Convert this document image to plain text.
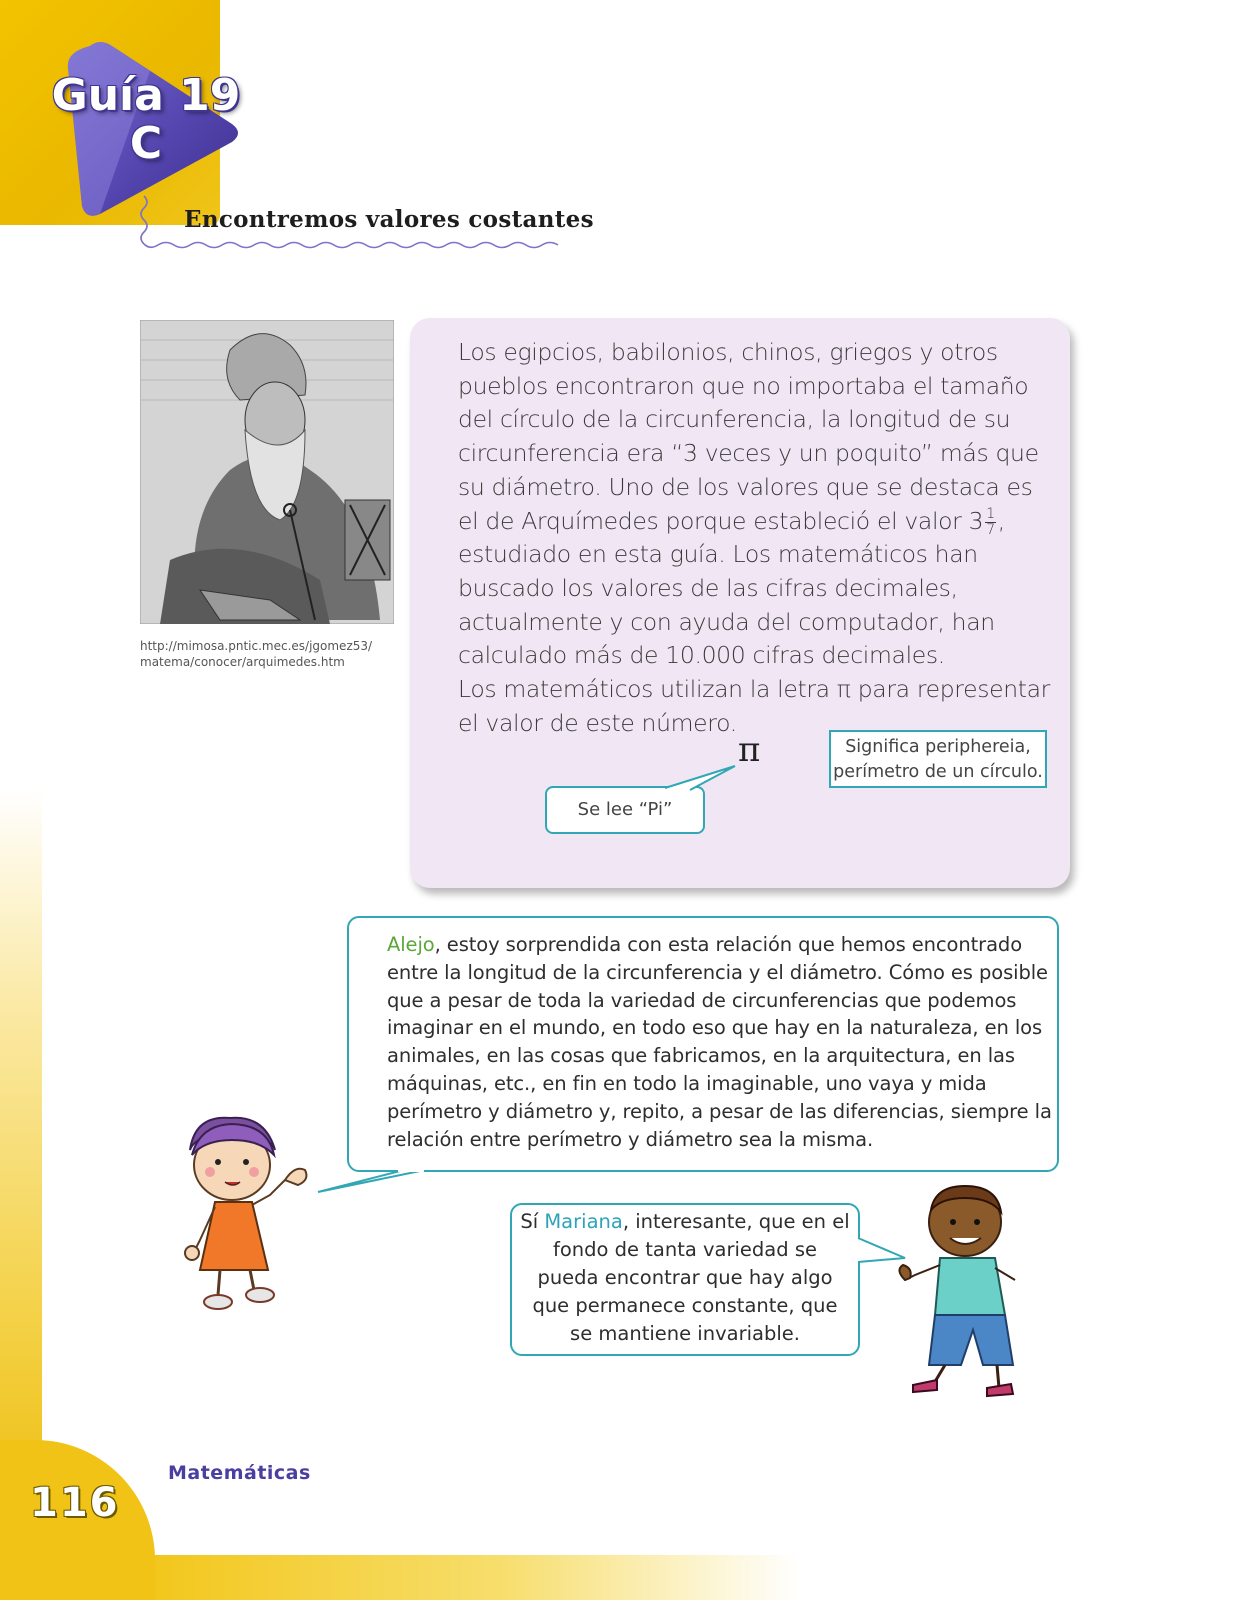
Guía 19
C
Encontremos valores costantes
http://mimosa.pntic.mec.es/jgomez53/
matema/conocer/arquimedes.htm
Los egipcios, babilonios, chinos, griegos y otros pueblos encontraron que no importaba el tamaño del círculo de la circunferencia, la longitud de su circunferencia era “3 veces y un poquito” más que su diámetro. Uno de los valores que se destaca es el de Arquímedes porque estableció el valor $3 \frac{1}{7}$ , estudiado en esta guía. Los matemáticos han buscado los valores de las cifras decimales, actualmente y con ayuda del computador, han calculado más de 10.000 cifras decimales.
Los matemáticos utilizan la letra π para representar el valor de este número.
π
Se lee “Pi”
Significa periphereia,
perímetro de un círculo.
Alejo, estoy sorprendida con esta relación que hemos encontrado entre la longitud de la circunferencia y el diámetro. Cómo es posible que a pesar de toda la variedad de circunferencias que podemos imaginar en el mundo, en todo eso que hay en la naturaleza, en los animales, en las cosas que fabricamos, en la arquitectura, en las máquinas, etc., en fin en todo la imaginable, uno vaya y mida perímetro y diámetro y, repito, a pesar de las diferencias, siempre la relación entre perímetro y diámetro sea la misma.
Sí Mariana, interesante, que en el fondo de tanta variedad se pueda encontrar que hay algo que permanece constante, que se mantiene invariable.
Matemáticas
116
